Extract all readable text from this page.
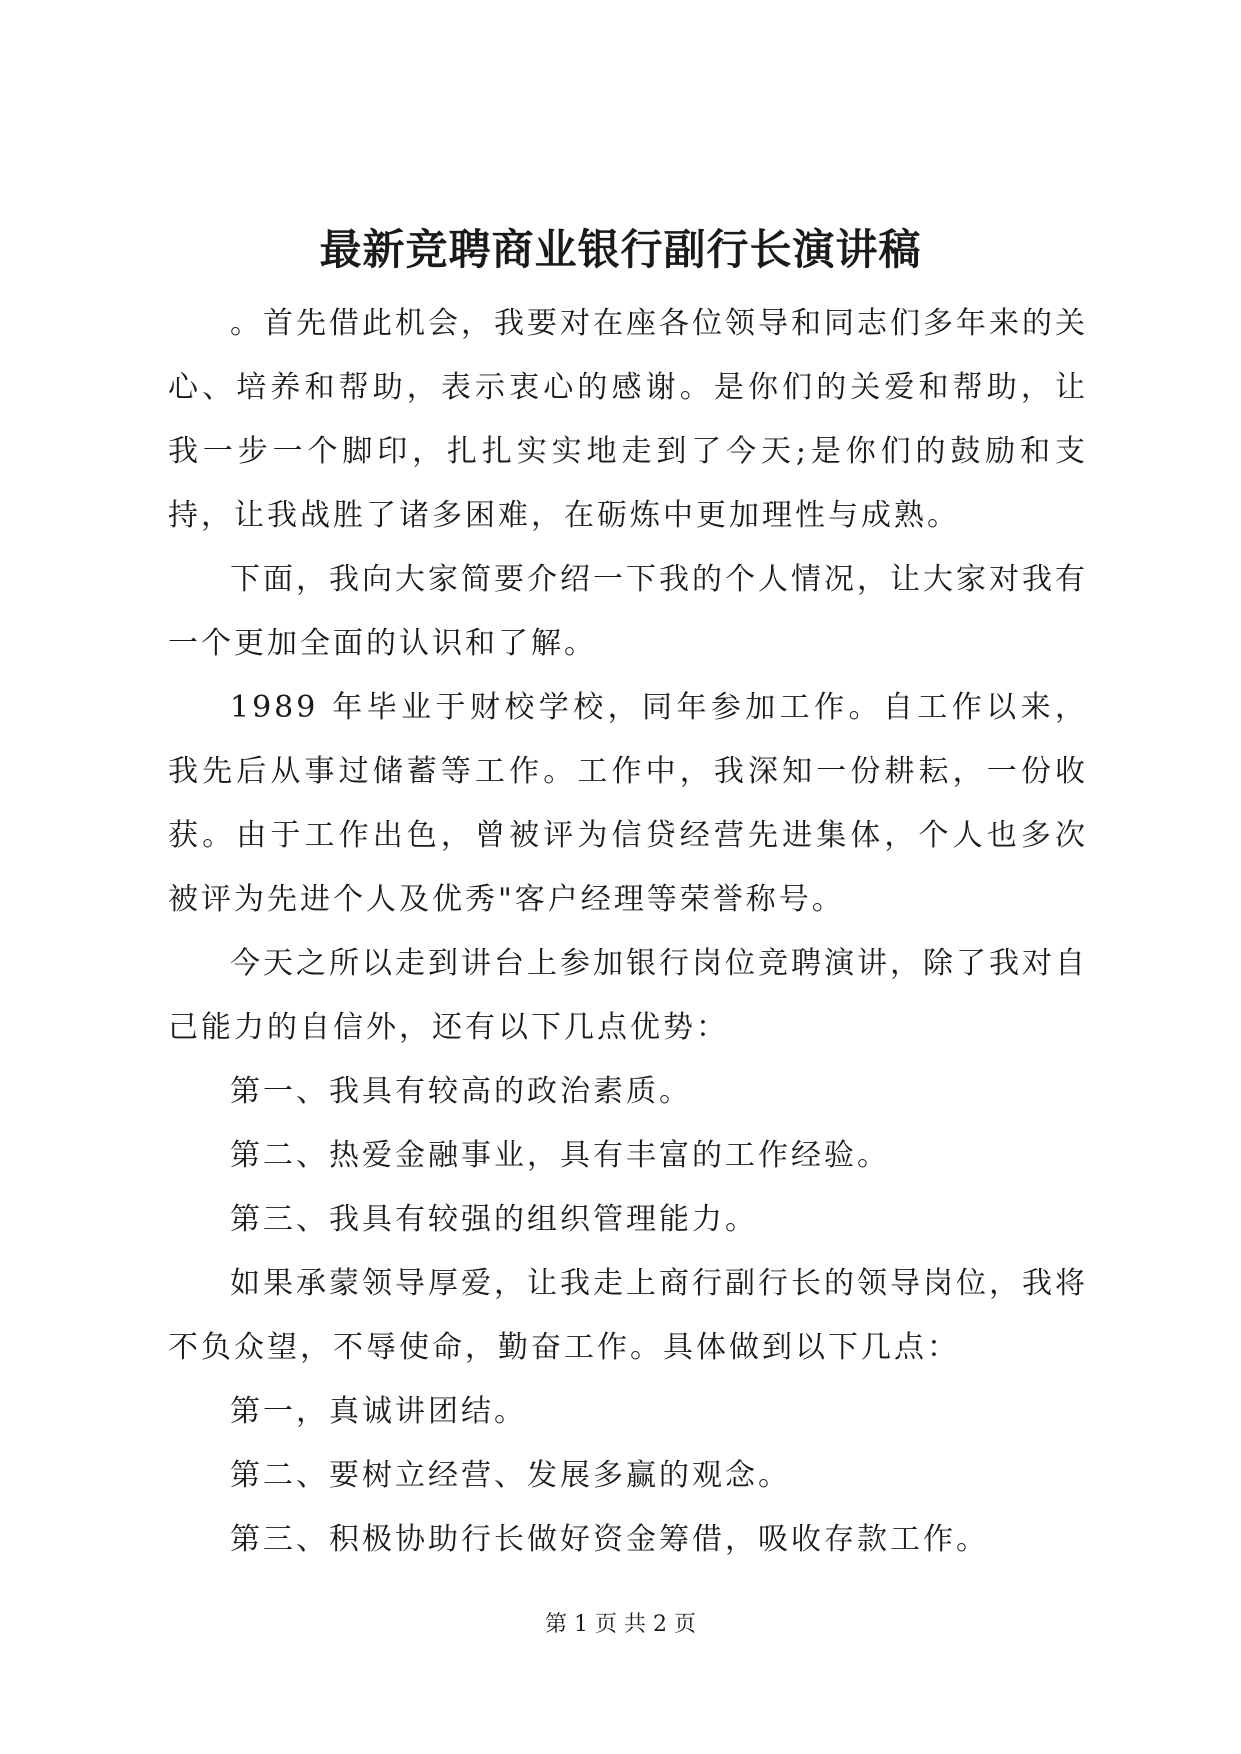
最新竞聘商业银行副行长演讲稿

。首先借此机会，我要对在座各位领导和同志们多年来的关心、培养和帮助，表示衷心的感谢。是你们的关爱和帮助，让我一步一个脚印，扎扎实实地走到了今天;是你们的鼓励和支持，让我战胜了诸多困难，在砺炼中更加理性与成熟。

下面，我向大家简要介绍一下我的个人情况，让大家对我有一个更加全面的认识和了解。

1989 年毕业于财校学校，同年参加工作。自工作以来，我先后从事过储蓄等工作。工作中，我深知一份耕耘，一份收获。由于工作出色，曾被评为信贷经营先进集体，个人也多次被评为先进个人及优秀"客户经理等荣誉称号。

今天之所以走到讲台上参加银行岗位竞聘演讲，除了我对自己能力的自信外，还有以下几点优势：

第一、我具有较高的政治素质。

第二、热爱金融事业，具有丰富的工作经验。

第三、我具有较强的组织管理能力。

如果承蒙领导厚爱，让我走上商行副行长的领导岗位，我将不负众望，不辱使命，勤奋工作。具体做到以下几点：

第一，真诚讲团结。

第二、要树立经营、发展多赢的观念。

第三、积极协助行长做好资金筹借，吸收存款工作。

第 1 页 共 2 页
